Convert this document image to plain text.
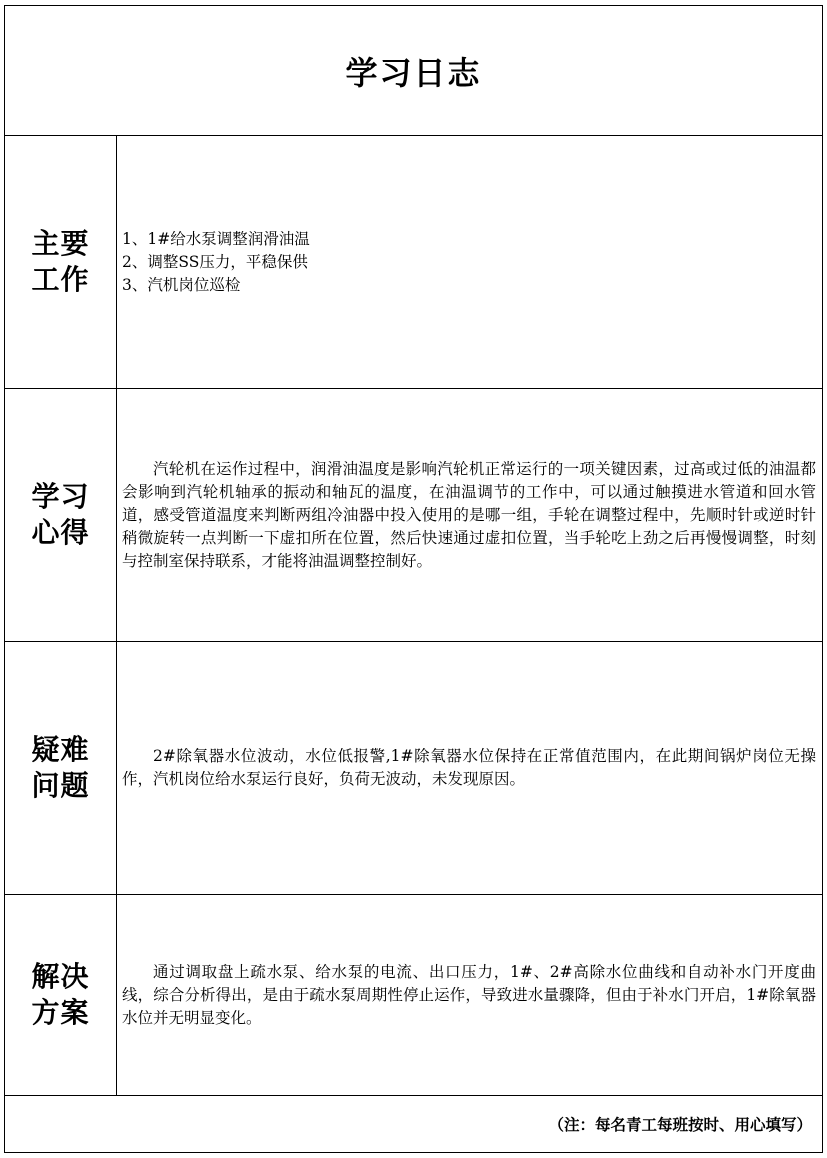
学习日志
主要
工作

1、1#给水泵调整润滑油温

2、调整SS压力，平稳保供

3、汽机岗位巡检

学习
心得

汽轮机在运作过程中，润滑油温度是影响汽轮机正常运行的一项关键因素，过高或过低的油温都会影响到汽轮机轴承的振动和轴瓦的温度，在油温调节的工作中，可以通过触摸进水管道和回水管道，感受管道温度来判断两组冷油器中投入使用的是哪一组，手轮在调整过程中，先顺时针或逆时针稍微旋转一点判断一下虚扣所在位置，然后快速通过虚扣位置，当手轮吃上劲之后再慢慢调整，时刻与控制室保持联系，才能将油温调整控制好。

疑难
问题

2#除氧器水位波动，水位低报警,1#除氧器水位保持在正常值范围内，在此期间锅炉岗位无操作，汽机岗位给水泵运行良好，负荷无波动，未发现原因。

解决
方案

通过调取盘上疏水泵、给水泵的电流、出口压力，1#、2#高除水位曲线和自动补水门开度曲线，综合分析得出，是由于疏水泵周期性停止运作，导致进水量骤降，但由于补水门开启，1#除氧器水位并无明显变化。

（注：每名青工每班按时、用心填写）
